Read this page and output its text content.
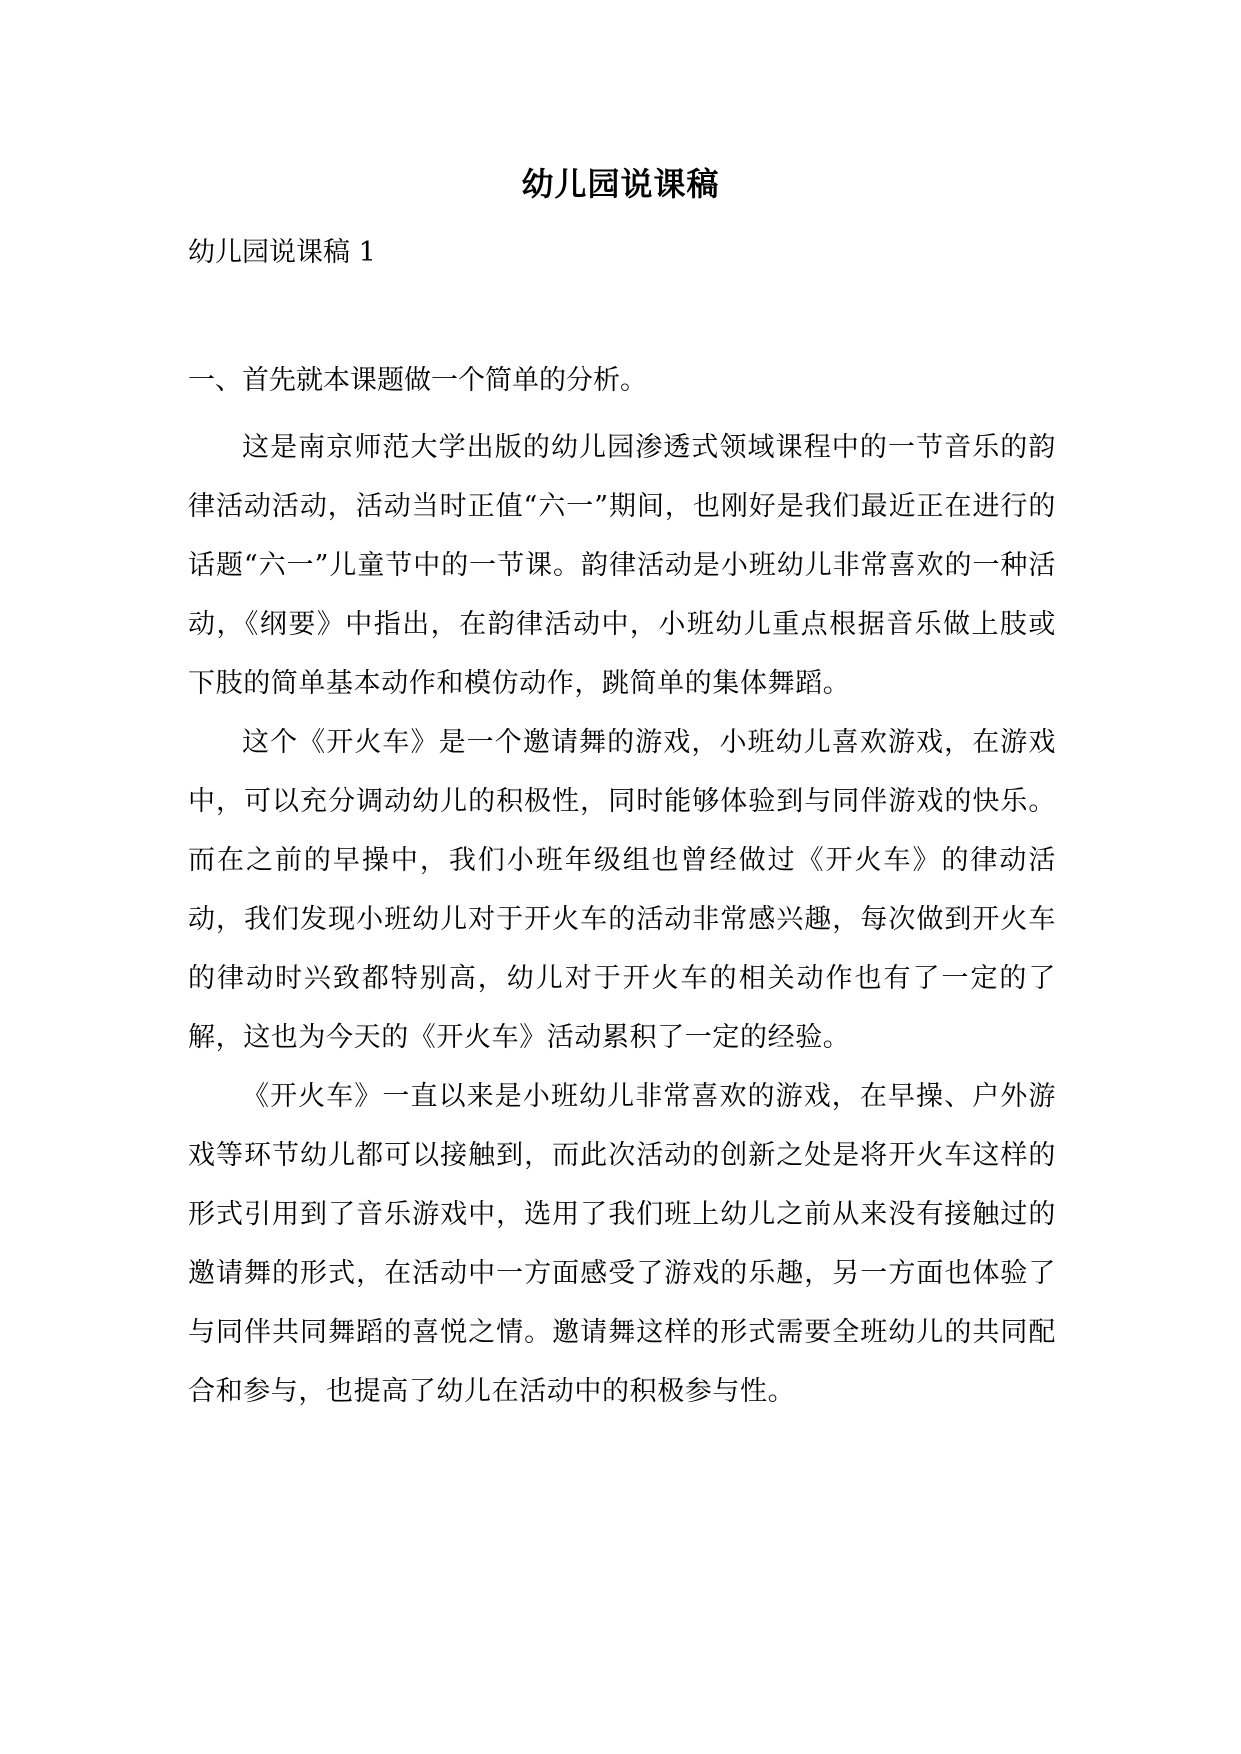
幼儿园说课稿
幼儿园说课稿 1
一、首先就本课题做一个简单的分析。

这是南京师范大学出版的幼儿园渗透式领域课程中的一节音乐的韵律活动活动，活动当时正值“六一”期间，也刚好是我们最近正在进行的话题“六一”儿童节中的一节课。韵律活动是小班幼儿非常喜欢的一种活动，《纲要》中指出，在韵律活动中，小班幼儿重点根据音乐做上肢或下肢的简单基本动作和模仿动作，跳简单的集体舞蹈。

这个《开火车》是一个邀请舞的游戏，小班幼儿喜欢游戏，在游戏中，可以充分调动幼儿的积极性，同时能够体验到与同伴游戏的快乐。而在之前的早操中，我们小班年级组也曾经做过《开火车》的律动活动，我们发现小班幼儿对于开火车的活动非常感兴趣，每次做到开火车的律动时兴致都特别高，幼儿对于开火车的相关动作也有了一定的了解，这也为今天的《开火车》活动累积了一定的经验。

《开火车》一直以来是小班幼儿非常喜欢的游戏，在早操、户外游戏等环节幼儿都可以接触到，而此次活动的创新之处是将开火车这样的形式引用到了音乐游戏中，选用了我们班上幼儿之前从来没有接触过的邀请舞的形式，在活动中一方面感受了游戏的乐趣，另一方面也体验了与同伴共同舞蹈的喜悦之情。邀请舞这样的形式需要全班幼儿的共同配合和参与，也提高了幼儿在活动中的积极参与性。
